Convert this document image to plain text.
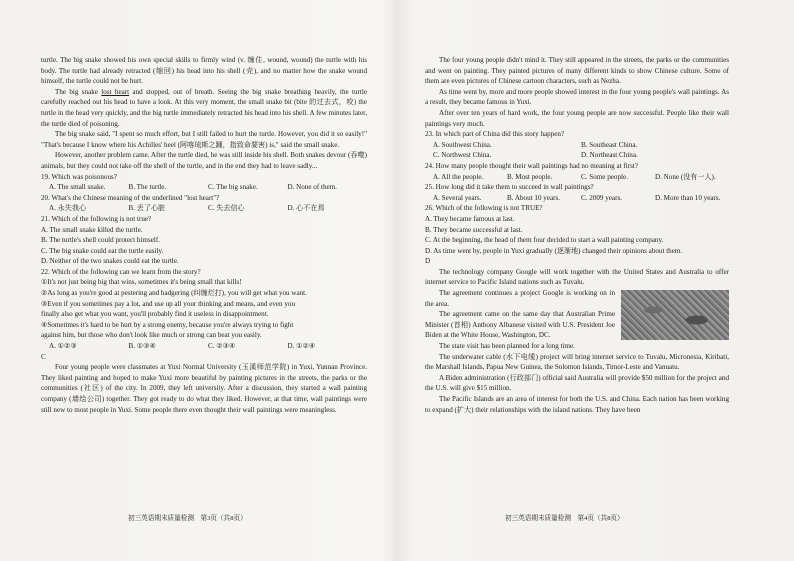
turtle. The big snake showed his own special skills to firmly wind (v. 缠住, wound, wound) the turtle with his body. The turtle had already retracted (缩回) his head into his shell (壳), and no matter how the snake wound himself, the turtle could not be hurt.

The big snake lost heart and stopped, out of breath. Seeing the big snake breathing heavily, the turtle carefully reached out his head to have a look. At this very moment, the small snake bit (bite 的过去式，咬) the turtle in the head very quickly, and the big turtle immediately retracted his head into his shell. A few minutes later, the turtle died of poisoning.

The big snake said, "I spent so much effort, but I still failed to hurt the turtle. However, you did it so easily!" "That's because I know where his Achilles' heel (阿喀琉斯之踵，指致命要害) is," said the small snake.

However, another problem came. After the turtle died, he was still inside his shell. Both snakes devour (吞噬) animals, but they could not take off the shell of the turtle, and in the end they had to leave sadly...

19. Which was poisonous?

A. The small snake.	B. The turtle.	C. The big snake.	D. None of them.

20. What's the Chinese meaning of the underlined "lost heart"?

A. 永失我心	B. 丢了心脏	C. 失去信心	D. 心不在焉

21. Which of the following is not true?

A. The small snake killed the turtle.

B. The turtle's shell could protect himself.

C. The big snake could eat the turtle easily.

D. Neither of the two snakes could eat the turtle.

22. Which of the following can we learn from the story?

①It's not just being big that wins, sometimes it's being small that kills!

②As long as you're good at pestering and badgering (纠缠烂打), you will get what you want.

③Even if you sometimes pay a lot, and use up all your thinking and means, and even you

finally also get what you want, you'll probably find it useless in disappointment.

④Sometimes it's hard to be hurt by a strong enemy, because you're always trying to fight

against him, but those who don't look like much or strong can beat you easily.

A. ①②③	B. ①③④	C. ②③④	D. ①②④

C

Four young people were classmates at Yuxi Normal University (玉溪师范学院) in Yuxi, Yunnan Province. They liked painting and hoped to make Yuxi more beautiful by painting pictures in the streets, the parks or the communities (社区) of the city. In 2009, they left university. After a discussion, they started a wall painting company (墙绘公司) together. They got ready to do what they liked. However, at that time, wall paintings were still new to most people in Yuxi. Some people there even thought their wall paintings were meaningless.

The four young people didn't mind it. They still appeared in the streets, the parks or the communities and went on painting. They painted pictures of many different kinds to show Chinese culture. Some of them are even pictures of Chinese cartoon characters, such as Nezha.

As time went by, more and more people showed interest in the four young people's wall paintings. As a result, they became famous in Yuxi.

After over ten years of hard work, the four young people are now successful. People like their wall paintings very much.

23. In which part of China did this story happen?

A. Southwest China.	B. Southeast China.
C. Northwest China.	D. Northeast China.

24. How many people thought their wall paintings had no meaning at first?

A. All the people.	B. Most people.	C. Some people.	D. None (没有一人).

25. How long did it take them to succeed in wall paintings?

A. Several years.	B. About 10 years.	C. 2009 years.	D. More than 10 years.

26. Which of the following is not TRUE?

A. They became famous at last.

B. They became successful at last.

C. At the beginning, the head of them four decided to start a wall painting company.

D. As time went by, people in Yuxi gradually (逐渐地) changed their opinions about them.

D

The technology company Google will work together with the United States and Australia to offer internet service to Pacific Island nations such as Tuvalu.

The agreement continues a project Google is working on in the area.

The agreement came on the same day that Australian Prime Minister (首相) Anthony Albanese visited with U.S. President Joe Biden at the White House, Washington, DC.

The state visit has been planned for a long time.

The underwater cable (水下电缆) project will bring internet service to Tuvalu, Micronesia, Kiribati, the Marshall Islands, Papua New Guinea, the Solomon Islands, Timor-Leste and Vanuatu.

A Biden administration (行政部门) official said Australia will provide $50 million for the project and the U.S. will give $15 million.

The Pacific Islands are an area of interest for both the U.S. and China. Each nation has been working to expand (扩大) their relationships with the island nations. They have been

初三英语期末质量检测　第3页（共8页）	初三英语期末质量检测　第4页（共8页）
